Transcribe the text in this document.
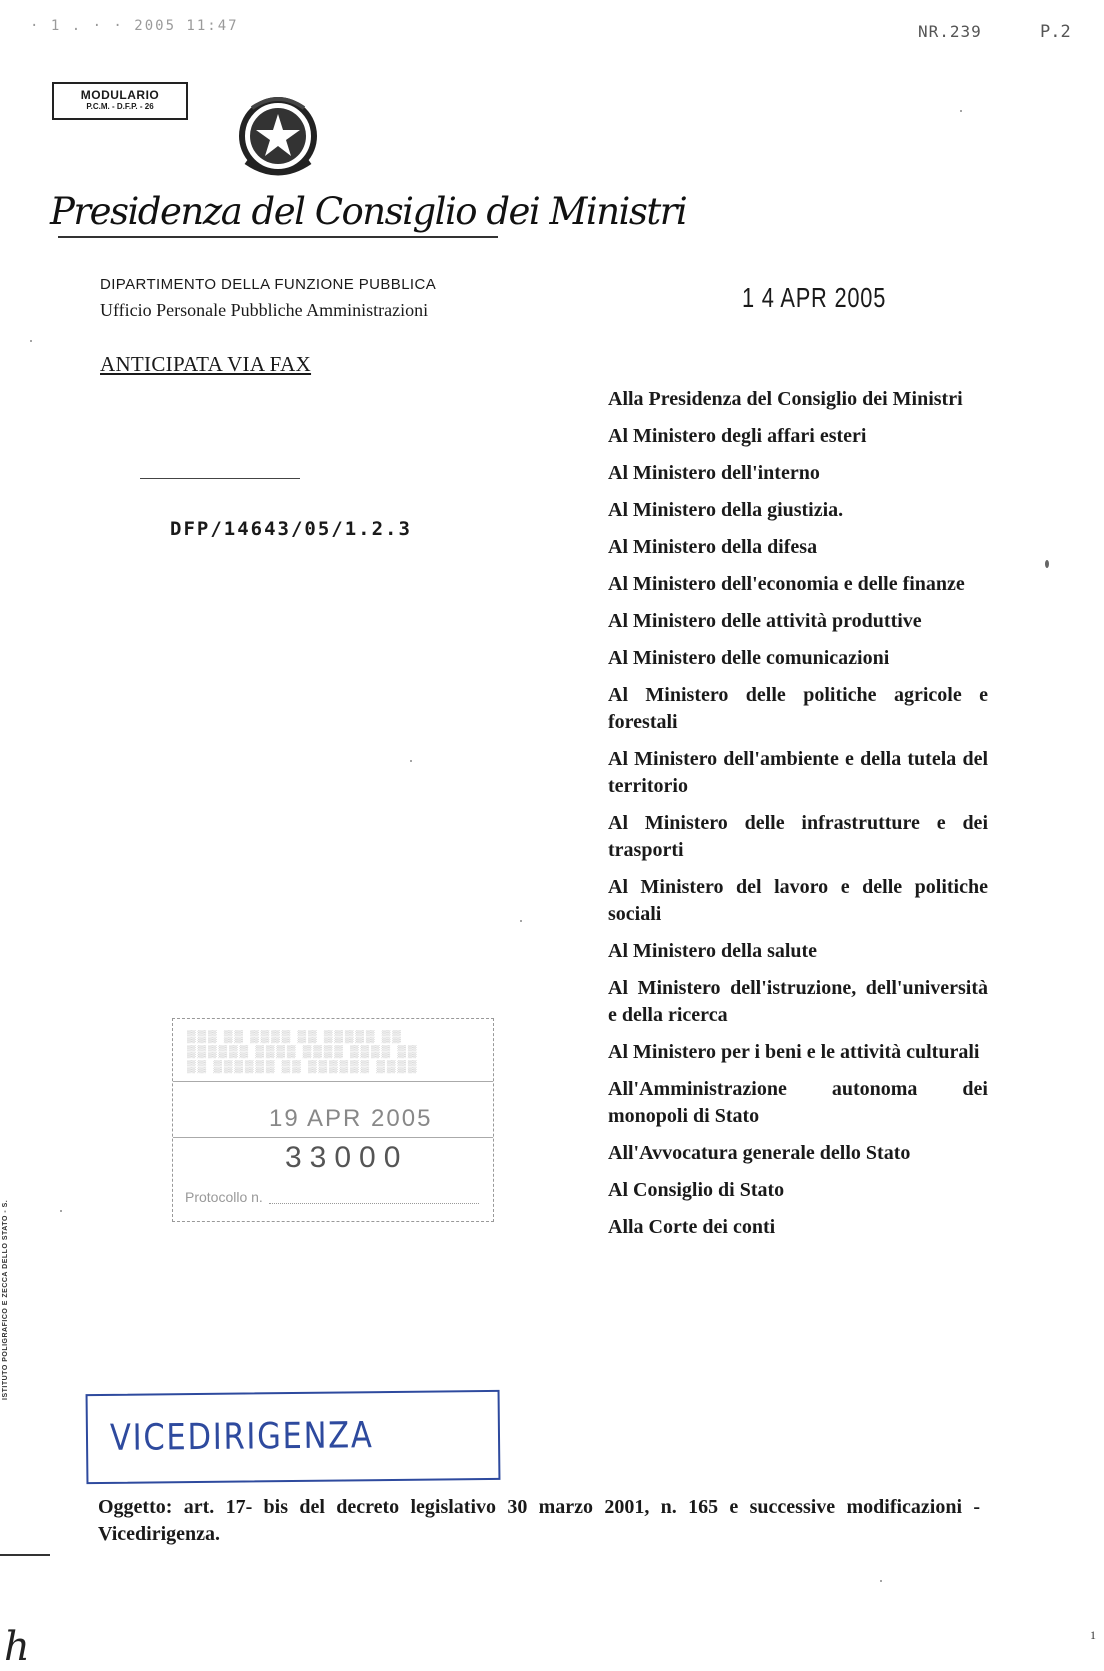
· 1 . · · 2005 11:47	NR.239	P.2
MODULARIO
P.C.M. - D.F.P. - 26
Presidenza del Consiglio dei Ministri
DIPARTIMENTO DELLA FUNZIONE PUBBLICA
Ufficio Personale Pubbliche Amministrazioni
ANTICIPATA VIA FAX
1 4 APR 2005
DFP/14643/05/1.2.3
Alla Presidenza del Consiglio dei Ministri
Al Ministero degli affari esteri
Al Ministero dell'interno
Al Ministero della giustizia.
Al Ministero della difesa
Al Ministero dell'economia e delle finanze
Al Ministero delle attività produttive
Al Ministero delle comunicazioni
Al Ministero delle politiche agricole e forestali
Al Ministero dell'ambiente e della tutela del territorio
Al Ministero delle infrastrutture e dei trasporti
Al Ministero del lavoro e delle politiche sociali
Al Ministero della salute
Al Ministero dell'istruzione, dell'università e della ricerca
Al Ministero per i beni e le attività culturali
All'Amministrazione autonoma dei monopoli di Stato
All'Avvocatura generale dello Stato
Al Consiglio di Stato
Alla Corte dei conti
▒▒▒ ▒▒ ▒▒▒▒ ▒▒ ▒▒▒▒▒ ▒▒
▒▒▒▒▒▒ ▒▒▒▒ ▒▒▒▒ ▒▒▒▒ ▒▒
▒▒ ▒▒▒▒▒▒ ▒▒ ▒▒▒▒▒▒ ▒▒▒▒
19 APR 2005
33000
Protocollo n.
ISTITUTO POLIGRAFICO E ZECCA DELLO STATO - S.
VICEDIRIGENZA
Oggetto: art. 17- bis del decreto legislativo 30 marzo 2001, n. 165 e successive modificazioni - Vicedirigenza.
h	1
